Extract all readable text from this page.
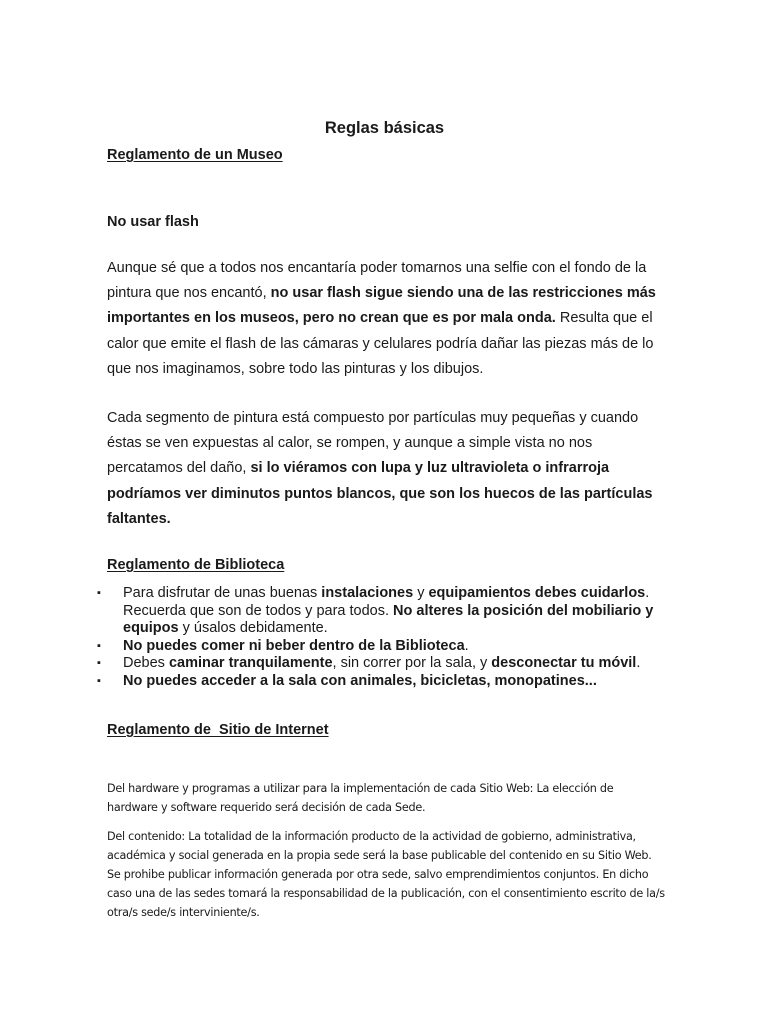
Reglas básicas
Reglamento de un Museo
No usar flash

Aunque sé que a todos nos encantaría poder tomarnos una selfie con el fondo de la pintura que nos encantó, no usar flash sigue siendo una de las restricciones más importantes en los museos, pero no crean que es por mala onda. Resulta que el calor que emite el flash de las cámaras y celulares podría dañar las piezas más de lo que nos imaginamos, sobre todo las pinturas y los dibujos.

Cada segmento de pintura está compuesto por partículas muy pequeñas y cuando éstas se ven expuestas al calor, se rompen, y aunque a simple vista no nos percatamos del daño, si lo viéramos con lupa y luz ultravioleta o infrarroja podríamos ver diminutos puntos blancos, que son los huecos de las partículas faltantes.

Reglamento de Biblioteca
▪ Para disfrutar de unas buenas instalaciones y equipamientos debes cuidarlos. Recuerda que son de todos y para todos. No alteres la posición del mobiliario y equipos y úsalos debidamente.
▪ No puedes comer ni beber dentro de la Biblioteca.
▪ Debes caminar tranquilamente, sin correr por la sala, y desconectar tu móvil.
▪ No puedes acceder a la sala con animales, bicicletas, monopatines...
Reglamento de  Sitio de Internet

Del hardware y programas a utilizar para la implementación de cada Sitio Web: La elección de hardware y software requerido será decisión de cada Sede.

Del contenido: La totalidad de la información producto de la actividad de gobierno, administrativa, académica y social generada en la propia sede será la base publicable del contenido en su Sitio Web. Se prohibe publicar información generada por otra sede, salvo emprendimientos conjuntos. En dicho caso una de las sedes tomará la responsabilidad de la publicación, con el consentimiento escrito de la/s otra/s sede/s interviniente/s.
